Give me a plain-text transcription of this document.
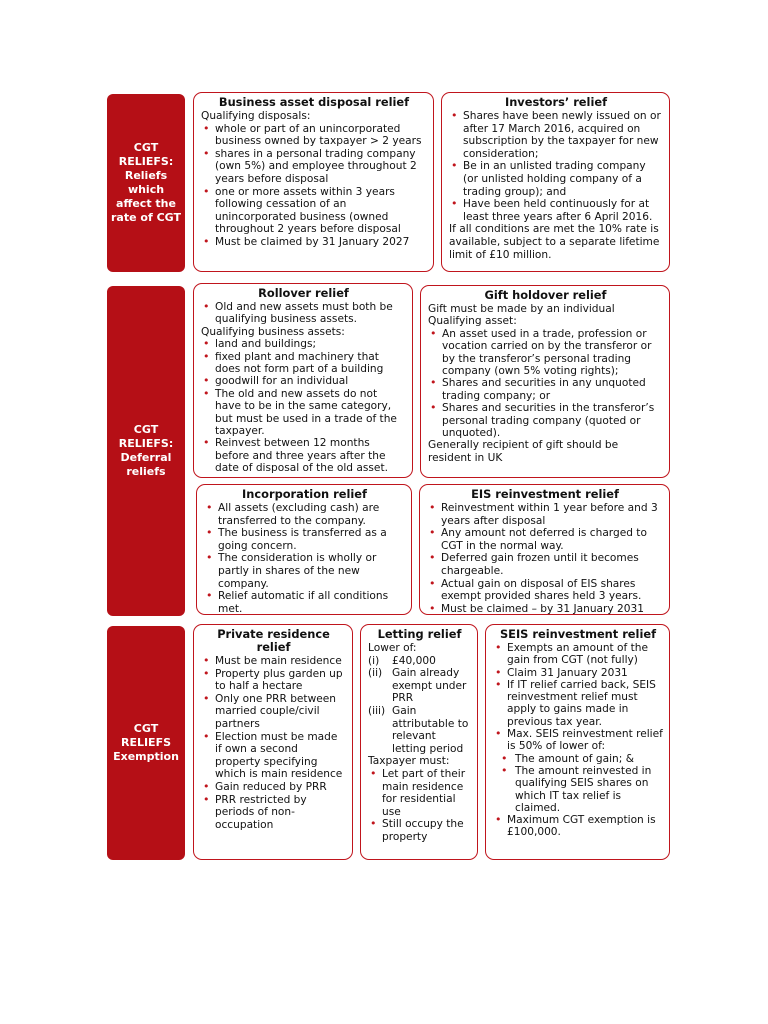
CGT RELIEFS: Reliefs which affect the rate of CGT
CGT RELIEFS: Deferral reliefs
CGT RELIEFS Exemption
Business asset disposal relief

Qualifying disposals:

• whole or part of an unincorporated business owned by taxpayer > 2 years
• shares in a personal trading company (own 5%) and employee throughout 2 years before disposal
• one or more assets within 3 years following cessation of an unincorporated business (owned throughout 2 years before disposal
• Must be claimed by 31 January 2027
Investors’ relief
• Shares have been newly issued on or after 17 March 2016, acquired on subscription by the taxpayer for new consideration;
• Be in an unlisted trading company (or unlisted holding company of a trading group); and
• Have been held continuously for at least three years after 6 April 2016.

If all conditions are met the 10% rate is available, subject to a separate lifetime limit of £10 million.

Rollover relief
• Old and new assets must both be qualifying business assets.

Qualifying business assets:

• land and buildings;
• fixed plant and machinery that does not form part of a building
• goodwill for an individual
• The old and new assets do not have to be in the same category, but must be used in a trade of the taxpayer.
• Reinvest between 12 months before and three years after the date of disposal of the old asset.
Gift holdover relief

Gift must be made by an individual

Qualifying asset:

• An asset used in a trade, profession or vocation carried on by the transferor or by the transferor’s personal trading company (own 5% voting rights);
• Shares and securities in any unquoted trading company; or
• Shares and securities in the transferor’s personal trading company (quoted or unquoted).

Generally recipient of gift should be resident in UK

Incorporation relief
• All assets (excluding cash) are transferred to the company.
• The business is transferred as a going concern.
• The consideration is wholly or partly in shares of the new company.
• Relief automatic if all conditions met.
EIS reinvestment relief
• Reinvestment within 1 year before and 3 years after disposal
• Any amount not deferred is charged to CGT in the normal way.
• Deferred gain frozen until it becomes chargeable.
• Actual gain on disposal of EIS shares exempt provided shares held 3 years.
• Must be claimed – by 31 January 2031
Private residence relief
• Must be main residence
• Property plus garden up to half a hectare
• Only one PRR between married couple/civil partners
• Election must be made if own a second property specifying which is main residence
• Gain reduced by PRR
• PRR restricted by periods of non-occupation
Letting relief

Lower of:

(i)	£40,000
(ii) Gain already exempt under PRR
(iii) Gain attributable to relevant letting period

Taxpayer must:

• Let part of their main residence for residential use
• Still occupy the property
SEIS reinvestment relief
• Exempts an amount of the gain from CGT (not fully)
• Claim 31 January 2031
• If IT relief carried back, SEIS reinvestment relief must apply to gains made in previous tax year.
• Max. SEIS reinvestment relief is 50% of lower of:
• The amount of gain; &
• The amount reinvested in qualifying SEIS shares on which IT tax relief is claimed.
• Maximum CGT exemption is £100,000.
